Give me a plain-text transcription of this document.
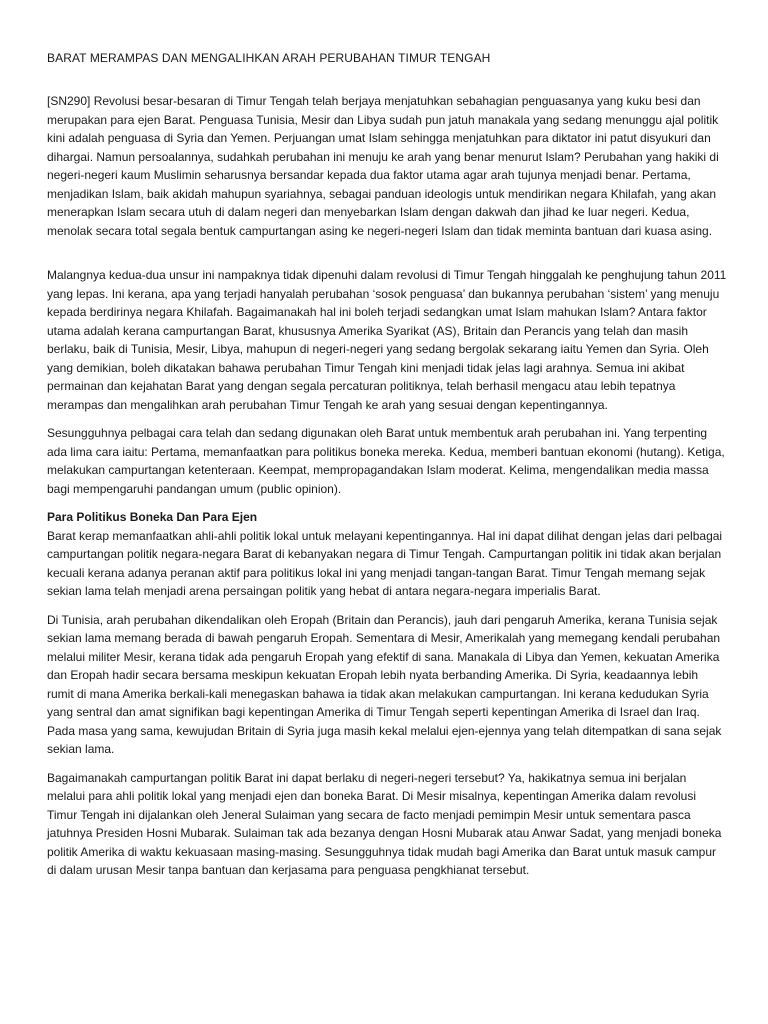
BARAT MERAMPAS DAN MENGALIHKAN ARAH PERUBAHAN TIMUR TENGAH

[SN290] Revolusi besar-besaran di Timur Tengah telah berjaya menjatuhkan sebahagian penguasanya yang kuku besi dan merupakan para ejen Barat. Penguasa Tunisia, Mesir dan Libya sudah pun jatuh manakala yang sedang menunggu ajal politik kini adalah penguasa di Syria dan Yemen. Perjuangan umat Islam sehingga menjatuhkan para diktator ini patut disyukuri dan dihargai. Namun persoalannya, sudahkah perubahan ini menuju ke arah yang benar menurut Islam? Perubahan yang hakiki di negeri-negeri kaum Muslimin seharusnya bersandar kepada dua faktor utama agar arah tujunya menjadi benar. Pertama, menjadikan Islam, baik akidah mahupun syariahnya, sebagai panduan ideologis untuk mendirikan negara Khilafah, yang akan menerapkan Islam secara utuh di dalam negeri dan menyebarkan Islam dengan dakwah dan jihad ke luar negeri. Kedua, menolak secara total segala bentuk campurtangan asing ke negeri-negeri Islam dan tidak meminta bantuan dari kuasa asing.

Malangnya kedua-dua unsur ini nampaknya tidak dipenuhi dalam revolusi di Timur Tengah hinggalah ke penghujung tahun 2011 yang lepas. Ini kerana, apa yang terjadi hanyalah perubahan ‘sosok penguasa’ dan bukannya perubahan ‘sistem’ yang menuju kepada berdirinya negara Khilafah. Bagaimanakah hal ini boleh terjadi sedangkan umat Islam mahukan Islam? Antara faktor utama adalah kerana campurtangan Barat, khususnya Amerika Syarikat (AS), Britain dan Perancis yang telah dan masih berlaku, baik di Tunisia, Mesir, Libya, mahupun di negeri-negeri yang sedang bergolak sekarang iaitu Yemen dan Syria. Oleh yang demikian, boleh dikatakan bahawa perubahan Timur Tengah kini menjadi tidak jelas lagi arahnya. Semua ini akibat permainan dan kejahatan Barat yang dengan segala percaturan politiknya, telah berhasil mengacu atau lebih tepatnya merampas dan mengalihkan arah perubahan Timur Tengah ke arah yang sesuai dengan kepentingannya.

Sesungguhnya pelbagai cara telah dan sedang digunakan oleh Barat untuk membentuk arah perubahan ini. Yang terpenting ada lima cara iaitu: Pertama, memanfaatkan para politikus boneka mereka. Kedua, memberi bantuan ekonomi (hutang). Ketiga, melakukan campurtangan ketenteraan. Keempat, mempropagandakan Islam moderat. Kelima, mengendalikan media massa bagi mempengaruhi pandangan umum (public opinion).

Para Politikus Boneka Dan Para Ejen

Barat kerap memanfaatkan ahli-ahli politik lokal untuk melayani kepentingannya. Hal ini dapat dilihat dengan jelas dari pelbagai campurtangan politik negara-negara Barat di kebanyakan negara di Timur Tengah. Campurtangan politik ini tidak akan berjalan kecuali kerana adanya peranan aktif para politikus lokal ini yang menjadi tangan-tangan Barat. Timur Tengah memang sejak sekian lama telah menjadi arena persaingan politik yang hebat di antara negara-negara imperialis Barat.

Di Tunisia, arah perubahan dikendalikan oleh Eropah (Britain dan Perancis), jauh dari pengaruh Amerika, kerana Tunisia sejak sekian lama memang berada di bawah pengaruh Eropah. Sementara di Mesir, Amerikalah yang memegang kendali perubahan melalui militer Mesir, kerana tidak ada pengaruh Eropah yang efektif di sana. Manakala di Libya dan Yemen, kekuatan Amerika dan Eropah hadir secara bersama meskipun kekuatan Eropah lebih nyata berbanding Amerika. Di Syria, keadaannya lebih rumit di mana Amerika berkali-kali menegaskan bahawa ia tidak akan melakukan campurtangan. Ini kerana kedudukan Syria yang sentral dan amat signifikan bagi kepentingan Amerika di Timur Tengah seperti kepentingan Amerika di Israel dan Iraq. Pada masa yang sama, kewujudan Britain di Syria juga masih kekal melalui ejen-ejennya yang telah ditempatkan di sana sejak sekian lama.

Bagaimanakah campurtangan politik Barat ini dapat berlaku di negeri-negeri tersebut? Ya, hakikatnya semua ini berjalan melalui para ahli politik lokal yang menjadi ejen dan boneka Barat. Di Mesir misalnya, kepentingan Amerika dalam revolusi Timur Tengah ini dijalankan oleh Jeneral Sulaiman yang secara de facto menjadi pemimpin Mesir untuk sementara pasca jatuhnya Presiden Hosni Mubarak. Sulaiman tak ada bezanya dengan Hosni Mubarak atau Anwar Sadat, yang menjadi boneka politik Amerika di waktu kekuasaan masing-masing. Sesungguhnya tidak mudah bagi Amerika dan Barat untuk masuk campur di dalam urusan Mesir tanpa bantuan dan kerjasama para penguasa pengkhianat tersebut.
